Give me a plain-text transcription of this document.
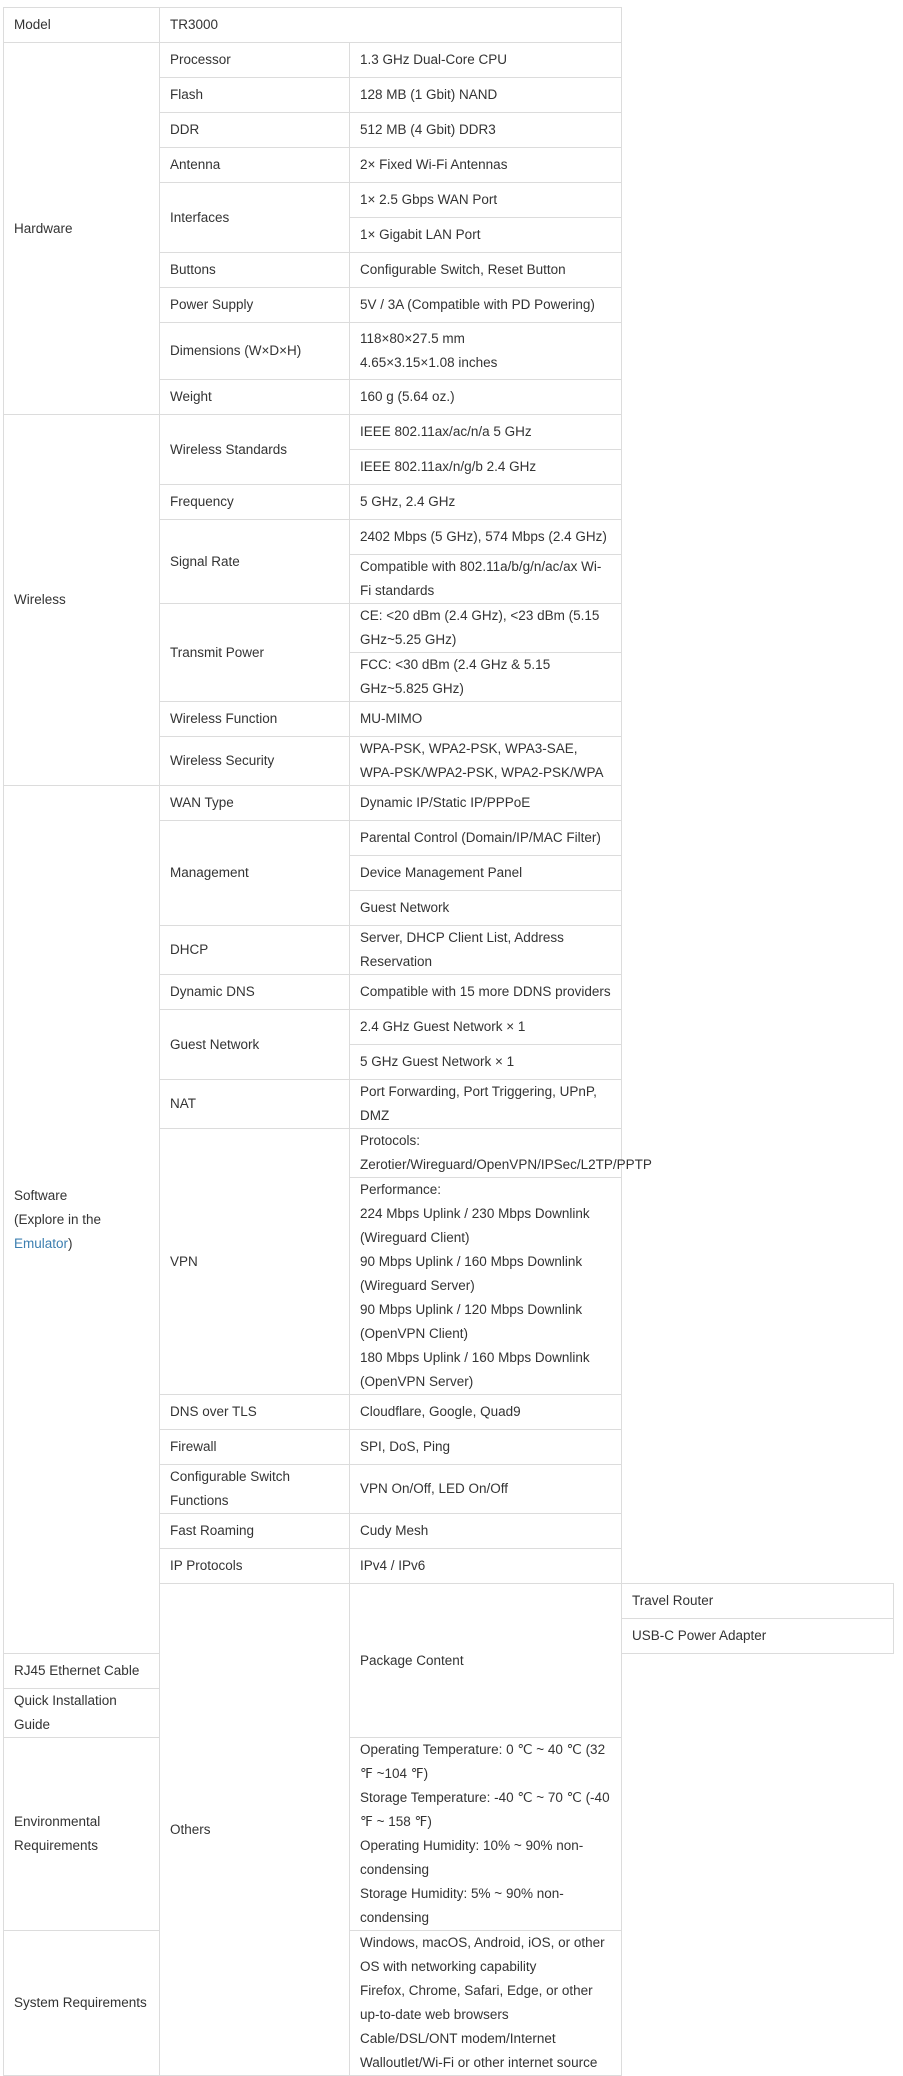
Model	TR3000		
Hardware	Processor	1.3 GHz Dual-Core CPU	
	Flash	128 MB (1 Gbit) NAND	
	DDR	512 MB (4 Gbit) DDR3	
	Antenna	2× Fixed Wi-Fi Antennas	
	Interfaces	1× 2.5 Gbps WAN Port	
		1× Gigabit LAN Port	
	Buttons	Configurable Switch, Reset Button	
	Power Supply	5V / 3A (Compatible with PD Powering)	
	Dimensions (W×D×H)	118×80×27.5 mm
4.65×3.15×1.08 inches	

	Weight	160 g (5.64 oz.)	
Wireless	Wireless Standards	IEEE 802.11ax/ac/n/a 5 GHz	
		IEEE 802.11ax/n/g/b 2.4 GHz	
	Frequency	5 GHz, 2.4 GHz	
	Signal Rate	2402 Mbps (5 GHz), 574 Mbps (2.4 GHz)	
		Compatible with 802.11a/b/g/n/ac/ax Wi-Fi standards	
	Transmit Power	CE: <20 dBm (2.4 GHz), <23 dBm (5.15 GHz~5.25 GHz)	
		FCC: <30 dBm (2.4 GHz & 5.15 GHz~5.825 GHz)	
	Wireless Function	MU-MIMO	
	Wireless Security	WPA-PSK, WPA2-PSK, WPA3-SAE, WPA-PSK/WPA2-PSK, WPA2-PSK/WPA	

Software
(Explore in the Emulator)	WAN Type	Dynamic IP/Static IP/PPPoE	
	Management	Parental Control (Domain/IP/MAC Filter)	
		Device Management Panel	
		Guest Network	
	DHCP	Server, DHCP Client List, Address Reservation	
	Dynamic DNS	Compatible with 15 more DDNS providers	
	Guest Network	2.4 GHz Guest Network × 1	
		5 GHz Guest Network × 1	
	NAT	Port Forwarding, Port Triggering, UPnP, DMZ	
	VPN	Protocols: Zerotier/Wireguard/OpenVPN/IPSec/L2TP/PPTP	

		Performance:
224 Mbps Uplink / 230 Mbps Downlink (Wireguard Client)
90 Mbps Uplink / 160 Mbps Downlink (Wireguard Server)
90 Mbps Uplink / 120 Mbps Downlink (OpenVPN Client)
180 Mbps Uplink / 160 Mbps Downlink (OpenVPN Server)	

	DNS over TLS	Cloudflare, Google, Quad9	
	Firewall	SPI, DoS, Ping	
	Configurable Switch Functions	VPN On/Off, LED On/Off	
	Fast Roaming	Cudy Mesh	
	IP Protocols	IPv4 / IPv6	
	Others	Package Content	Travel Router
			USB-C Power Adapter
RJ45 Ethernet Cable			
Quick Installation Guide			
Environmental Requirements		Operating Temperature: 0 ℃ ~ 40 ℃ (32 ℉ ~104 ℉)
Storage Temperature: -40 ℃ ~ 70 ℃ (-40 ℉ ~ 158 ℉)
Operating Humidity: 10% ~ 90% non-condensing
Storage Humidity: 5% ~ 90% non-condensing	

System Requirements		Windows, macOS, Android, iOS, or other OS with networking capability
Firefox, Chrome, Safari, Edge, or other up-to-date web browsers
Cable/DSL/ONT modem/Internet Walloutlet/Wi-Fi or other internet source	
